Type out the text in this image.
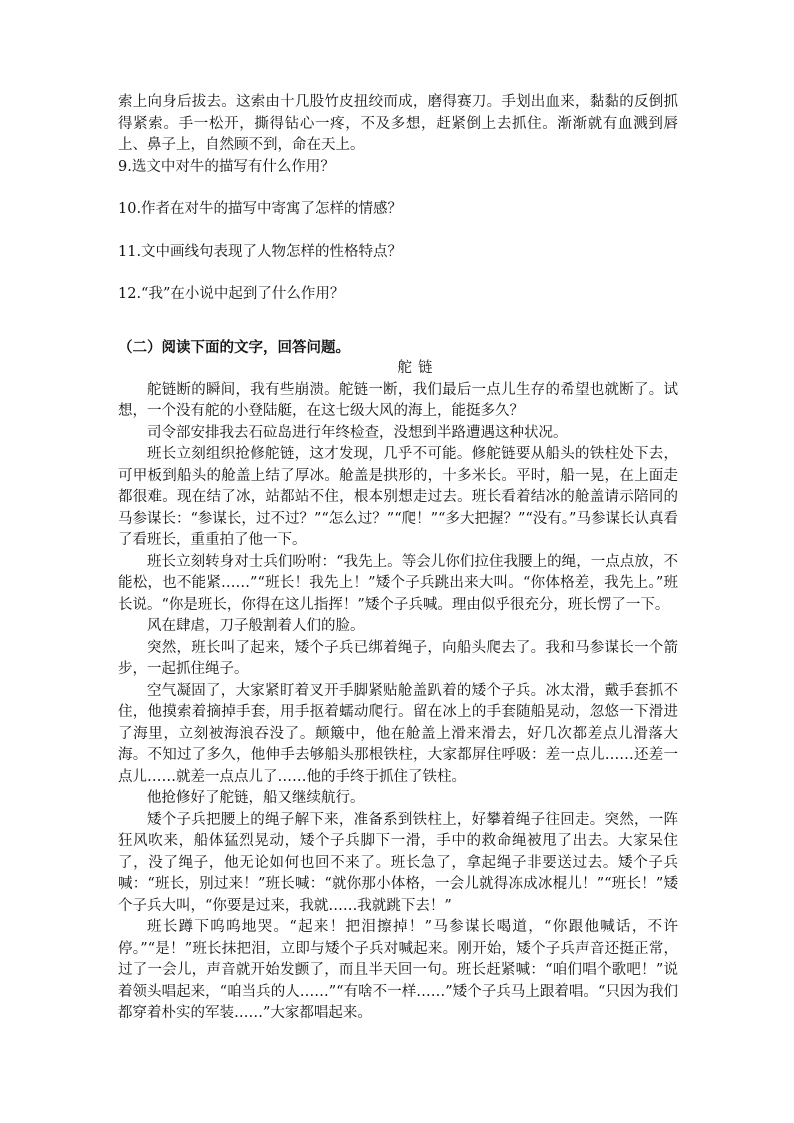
索上向身后拔去。这索由十几股竹皮扭绞而成，磨得赛刀。手划出血来，黏黏的反倒抓得紧索。手一松开，撕得钻心一疼，不及多想，赶紧倒上去抓住。渐渐就有血溅到唇上、鼻子上，自然顾不到，命在天上。

9.选文中对牛的描写有什么作用？

10.作者在对牛的描写中寄寓了怎样的情感？

11.文中画线句表现了人物怎样的性格特点？

12.“我”在小说中起到了什么作用？

（二）阅读下面的文字，回答问题。

舵链

舵链断的瞬间，我有些崩溃。舵链一断，我们最后一点儿生存的希望也就断了。试想，一个没有舵的小登陆艇，在这七级大风的海上，能挺多久？

司令部安排我去石砬岛进行年终检查，没想到半路遭遇这种状况。

班长立刻组织抢修舵链，这才发现，几乎不可能。修舵链要从船头的铁柱处下去，可甲板到船头的舱盖上结了厚冰。舱盖是拱形的，十多米长。平时，船一晃，在上面走都很难。现在结了冰，站都站不住，根本别想走过去。班长看着结冰的舱盖请示陪同的马参谋长：“参谋长，过不过？”“怎么过？”“爬！”“多大把握？”“没有。”马参谋长认真看了看班长，重重拍了他一下。

班长立刻转身对士兵们吩咐：“我先上。等会儿你们拉住我腰上的绳，一点点放，不能松，也不能紧……”“班长！我先上！”矮个子兵跳出来大叫。“你体格差，我先上。”班长说。“你是班长，你得在这儿指挥！”矮个子兵喊。理由似乎很充分，班长愣了一下。

风在肆虐，刀子般割着人们的脸。

突然，班长叫了起来，矮个子兵已绑着绳子，向船头爬去了。我和马参谋长一个箭步，一起抓住绳子。

空气凝固了，大家紧盯着叉开手脚紧贴舱盖趴着的矮个子兵。冰太滑，戴手套抓不住，他摸索着摘掉手套，用手抠着蠕动爬行。留在冰上的手套随船晃动，忽悠一下滑进了海里，立刻被海浪吞没了。颠簸中，他在舱盖上滑来滑去，好几次都差点儿滑落大海。不知过了多久，他伸手去够船头那根铁柱，大家都屏住呼吸：差一点儿……还差一点儿……就差一点点儿了……他的手终于抓住了铁柱。

他抢修好了舵链，船又继续航行。

矮个子兵把腰上的绳子解下来，准备系到铁柱上，好攀着绳子往回走。突然，一阵狂风吹来，船体猛烈晃动，矮个子兵脚下一滑，手中的救命绳被甩了出去。大家呆住了，没了绳子，他无论如何也回不来了。班长急了，拿起绳子非要送过去。矮个子兵喊：“班长，别过来！”班长喊：“就你那小体格，一会儿就得冻成冰棍儿！”“班长！”矮个子兵大叫，“你要是过来，我就……我就跳下去！”

班长蹲下呜呜地哭。“起来！把泪擦掉！”马参谋长喝道，“你跟他喊话，不许停。”“是！”班长抹把泪，立即与矮个子兵对喊起来。刚开始，矮个子兵声音还挺正常，过了一会儿，声音就开始发颤了，而且半天回一句。班长赶紧喊：“咱们唱个歌吧！”说着领头唱起来，“咱当兵的人……”“有啥不一样……”矮个子兵马上跟着唱。“只因为我们都穿着朴实的军装……”大家都唱起来。
